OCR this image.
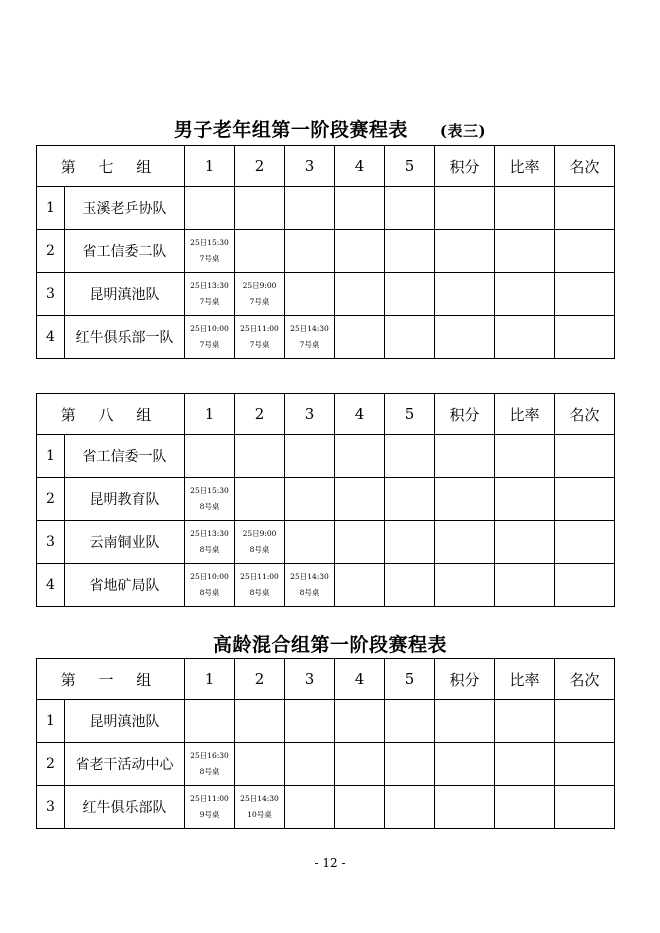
男子老年组第一阶段赛程表 (表三)
第 七 组		1	2	3	4	5	积分	比率	名次
1	玉溪老乒协队								
2	省工信委二队	25日15:30
7号桌							

3	昆明滇池队	25日13:30
7号桌	25日9:00
7号桌						

4	红牛俱乐部一队	25日10:00
7号桌	25日11:00
7号桌	25日14:30
7号桌					

第 八 组		1	2	3	4	5	积分	比率	名次
1	省工信委一队								
2	昆明教育队	25日15:30
8号桌							

3	云南铜业队	25日13:30
8号桌	25日9:00
8号桌						

4	省地矿局队	25日10:00
8号桌	25日11:00
8号桌	25日14:30
8号桌					

高龄混合组第一阶段赛程表
第 一 组		1	2	3	4	5	积分	比率	名次
1	昆明滇池队								
2	省老干活动中心	25日16:30
8号桌							

3	红牛俱乐部队	25日11:00
9号桌	25日14:30
10号桌						

- 12 -
